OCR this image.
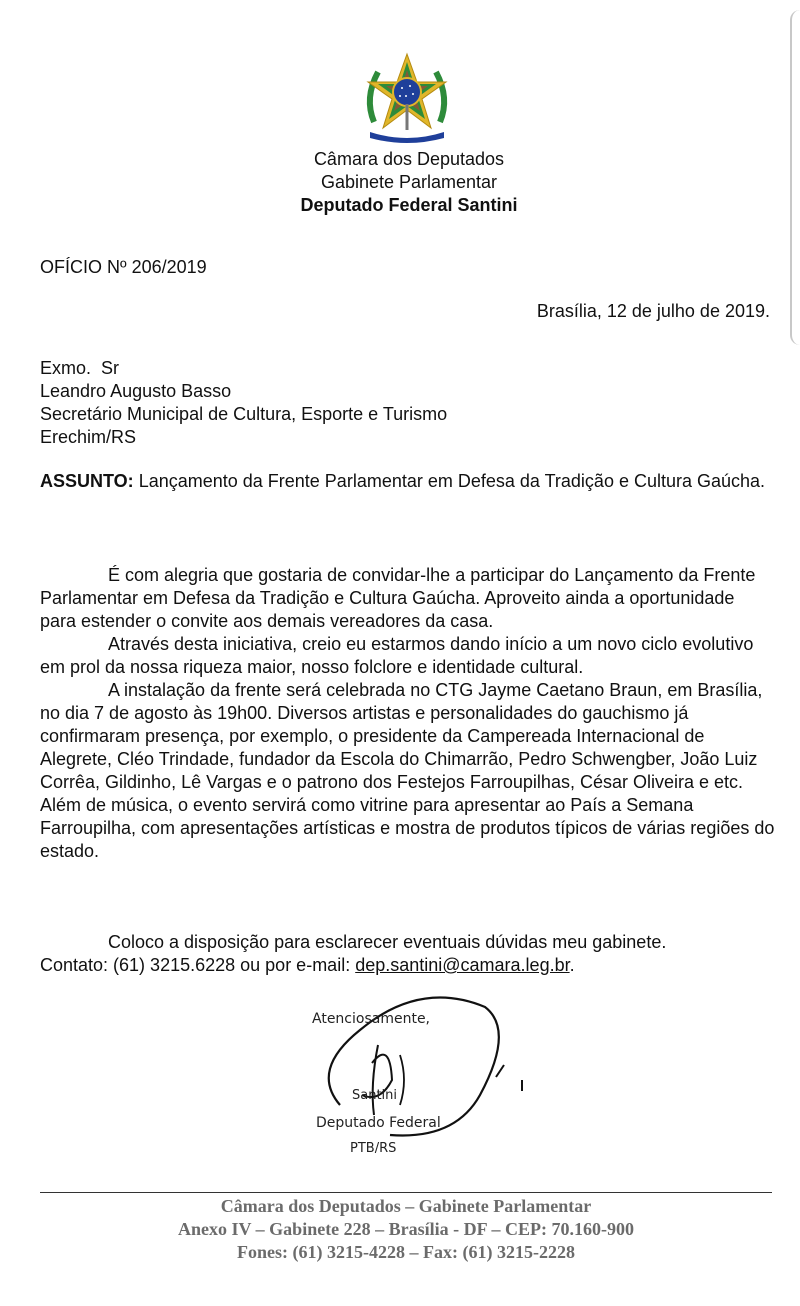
Câmara dos Deputados
Gabinete Parlamentar
Deputado Federal Santini
OFÍCIO Nº 206/2019
Brasília, 12 de julho de 2019.
Exmo.  Sr
Leandro Augusto Basso
Secretário Municipal de Cultura, Esporte e Turismo
Erechim/RS
ASSUNTO: Lançamento da Frente Parlamentar em Defesa da Tradição e Cultura Gaúcha.

É com alegria que gostaria de convidar-lhe a participar do Lançamento da Frente Parlamentar em Defesa da Tradição e Cultura Gaúcha. Aproveito ainda a oportunidade para estender o convite aos demais vereadores da casa.

Através desta iniciativa, creio eu estarmos dando início a um novo ciclo evolutivo em prol da nossa riqueza maior, nosso folclore e identidade cultural.

A instalação da frente será celebrada no CTG Jayme Caetano Braun, em Brasília, no dia 7 de agosto às 19h00. Diversos artistas e personalidades do gauchismo já confirmaram presença, por exemplo, o presidente da Campereada Internacional de Alegrete, Cléo Trindade, fundador da Escola do Chimarrão, Pedro Schwengber, João Luiz Corrêa, Gildinho, Lê Vargas e o patrono dos Festejos Farroupilhas, César Oliveira e etc.

Além de música, o evento servirá como vitrine para apresentar ao País a Semana Farroupilha, com apresentações artísticas e mostra de produtos típicos de várias regiões do estado.

Coloco a disposição para esclarecer eventuais dúvidas meu gabinete.

Contato: (61) 3215.6228 ou por e-mail: dep.santini@camara.leg.br.

Atenciosamente,
Santini
Deputado Federal
PTB/RS
Câmara dos Deputados – Gabinete Parlamentar
Anexo IV – Gabinete 228 – Brasília - DF – CEP: 70.160-900
Fones: (61) 3215-4228 – Fax: (61) 3215-2228
